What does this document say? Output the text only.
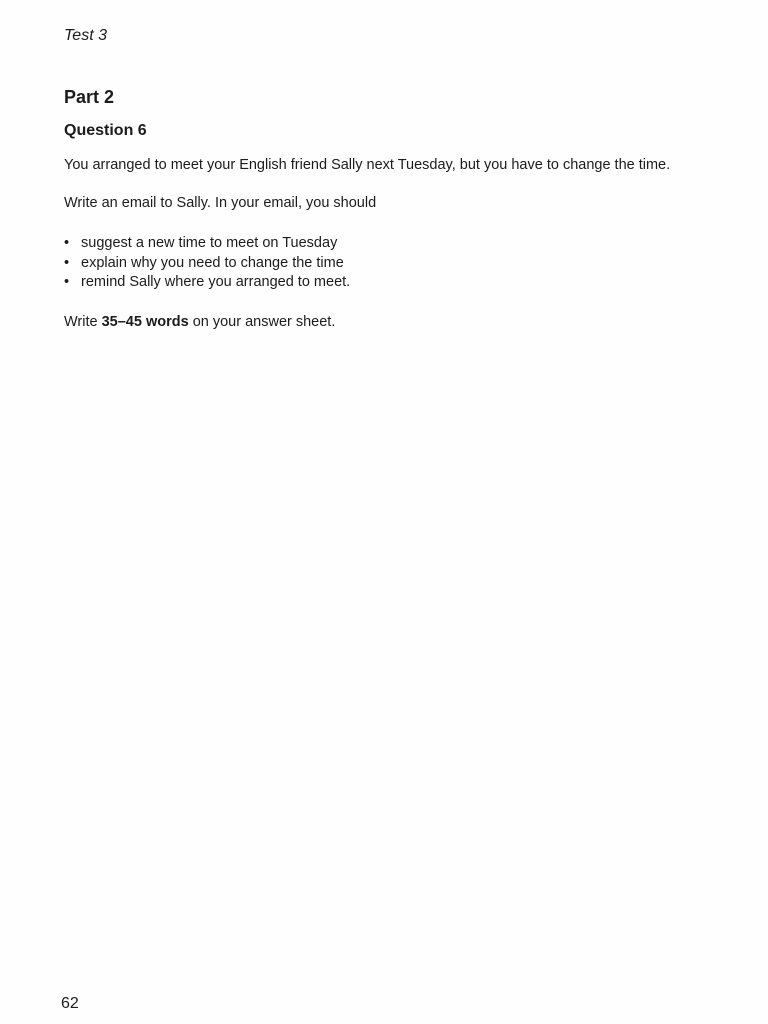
Test 3

Part 2
Question 6

You arranged to meet your English friend Sally next Tuesday, but you have to change the time.

Write an email to Sally. In your email, you should

• suggest a new time to meet on Tuesday
• explain why you need to change the time
• remind Sally where you arranged to meet.

Write 35–45 words on your answer sheet.

62
